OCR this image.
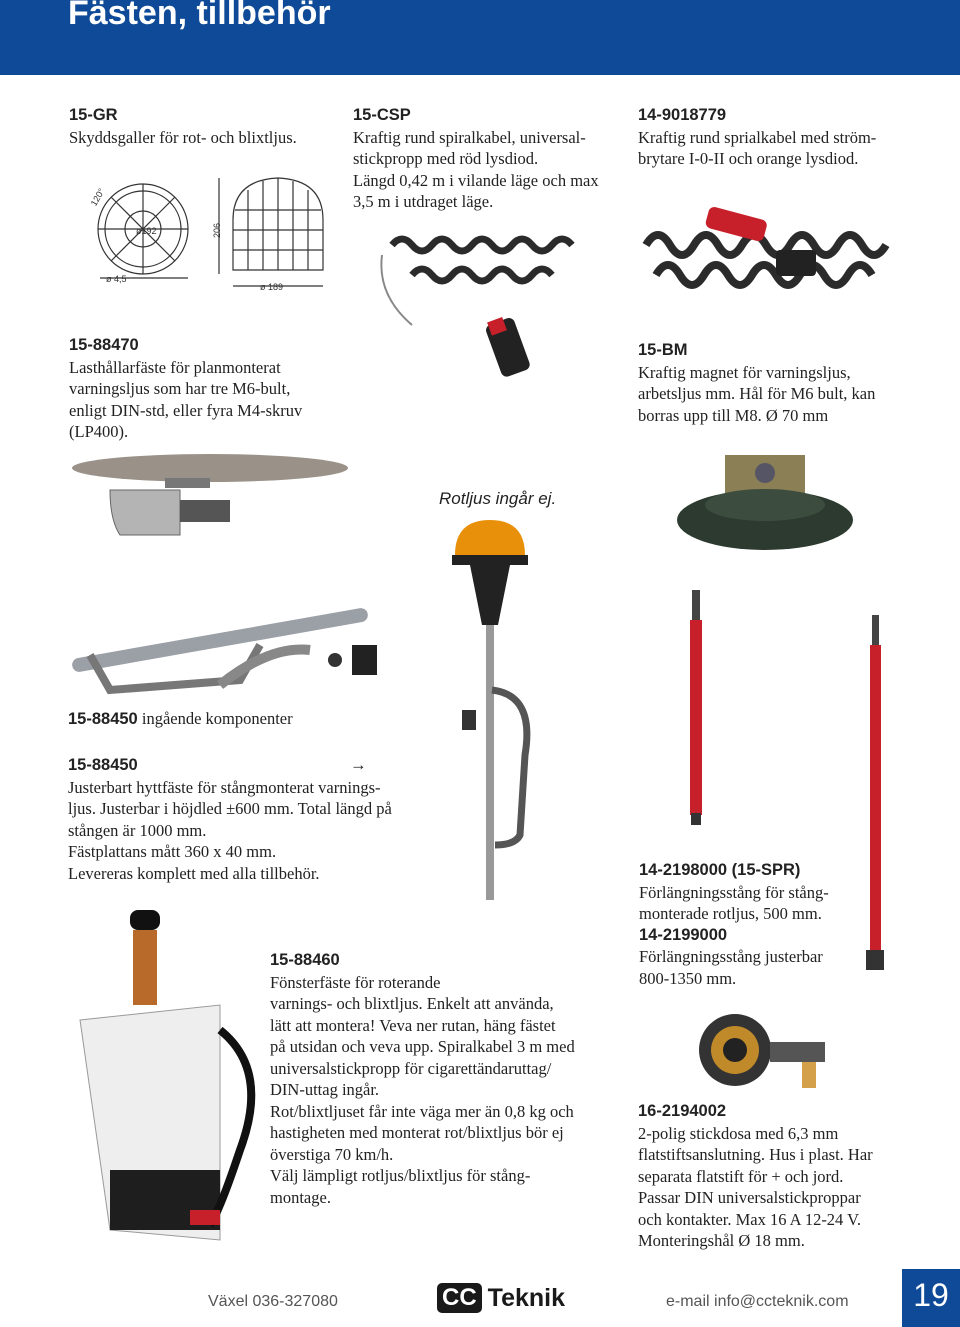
Fästen, tillbehör
15-GR
Skyddsgaller för rot- och blixtljus.
120°
ø192	206
ø 4,5
ø 189
15-CSP
Kraftig rund spiralkabel, universal-
stickpropp med röd lysdiod.
Längd 0,42 m i vilande läge och max
3,5 m i utdraget läge.
14-9018779
Kraftig rund sprialkabel med ström-
brytare I-0-II och orange lysdiod.
15-88470
Lasthållarfäste för planmonterat
varningsljus som har tre M6-bult,
enligt DIN-std, eller fyra M4-skruv
(LP400).
15-BM
Kraftig magnet för varningsljus,
arbetsljus mm. Hål för M6 bult, kan
borras upp till M8. Ø 70 mm
Rotljus ingår ej.
15-88450 ingående komponenter
15-88450	→
Justerbart hyttfäste för stångmonterat varnings-
ljus. Justerbar i höjdled ±600 mm. Total längd på
stången är 1000 mm.
Fästplattans mått 360 x 40 mm.
Levereras komplett med alla tillbehör.	14-2198000 (15-SPR)
Förlängningsstång för stång-
monterade rotljus, 500 mm.
14-2199000
Förlängningsstång justerbar
800-1350 mm.
15-88460
Fönsterfäste för roterande
varnings- och blixtljus. Enkelt att använda,
lätt att montera! Veva ner rutan, häng fästet
på utsidan och veva upp. Spiralkabel 3 m med
universalstickpropp för cigarettändaruttag/
DIN-uttag ingår.
Rot/blixtljuset får inte väga mer än 0,8 kg och
hastigheten med monterat rot/blixtljus bör ej
överstiga 70 km/h.
Välj lämpligt rotljus/blixtljus för stång-
montage.
16-2194002
2-polig stickdosa med 6,3 mm
flatstiftsanslutning. Hus i plast. Har
separata flatstift för + och jord.
Passar DIN universalstickproppar
och kontakter. Max 16 A 12-24 V.
Monteringshål Ø 18 mm.
Växel 036-327080	CC Teknik	e-mail info@ccteknik.com	19
